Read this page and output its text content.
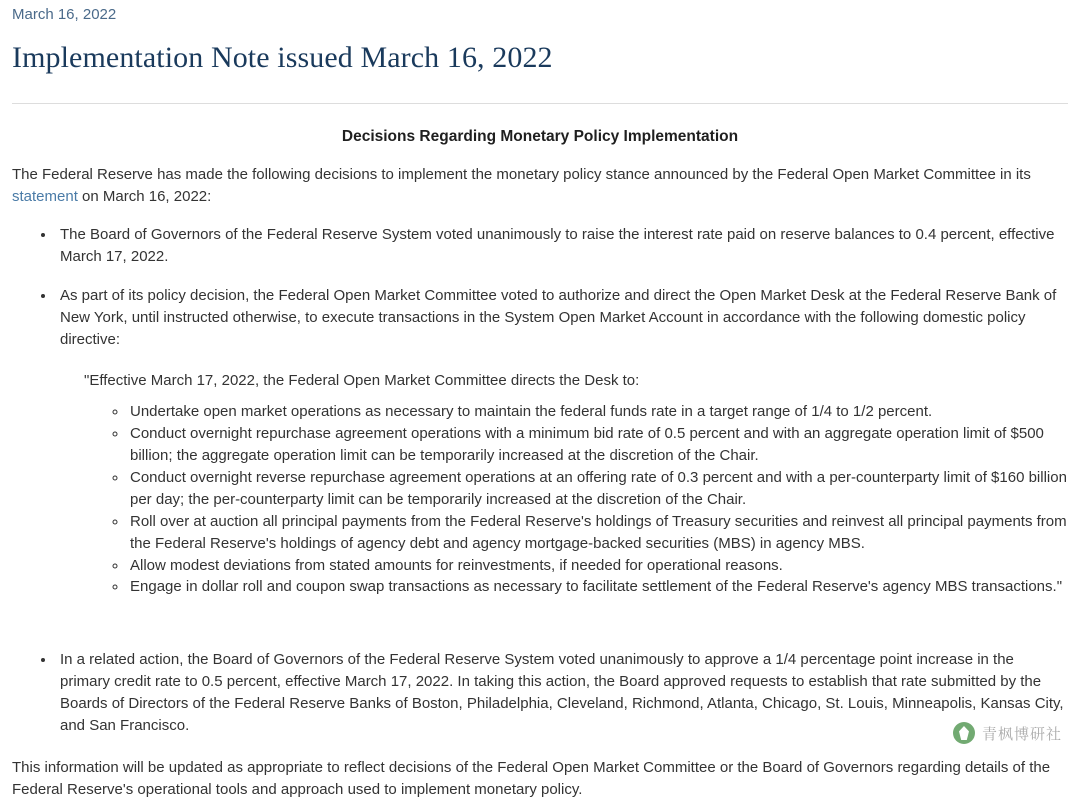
March 16, 2022
Implementation Note issued March 16, 2022
Decisions Regarding Monetary Policy Implementation

The Federal Reserve has made the following decisions to implement the monetary policy stance announced by the Federal Open Market Committee in its statement on March 16, 2022:

• The Board of Governors of the Federal Reserve System voted unanimously to raise the interest rate paid on reserve balances to 0.4 percent, effective March 17, 2022.
• As part of its policy decision, the Federal Open Market Committee voted to authorize and direct the Open Market Desk at the Federal Reserve Bank of New York, until instructed otherwise, to execute transactions in the System Open Market Account in accordance with the following domestic policy directive:
"Effective March 17, 2022, the Federal Open Market Committee directs the Desk to:
◦ Undertake open market operations as necessary to maintain the federal funds rate in a target range of 1/4 to 1/2 percent.
◦ Conduct overnight repurchase agreement operations with a minimum bid rate of 0.5 percent and with an aggregate operation limit of $500 billion; the aggregate operation limit can be temporarily increased at the discretion of the Chair.
◦ Conduct overnight reverse repurchase agreement operations at an offering rate of 0.3 percent and with a per-counterparty limit of $160 billion per day; the per-counterparty limit can be temporarily increased at the discretion of the Chair.
◦ Roll over at auction all principal payments from the Federal Reserve's holdings of Treasury securities and reinvest all principal payments from the Federal Reserve's holdings of agency debt and agency mortgage-backed securities (MBS) in agency MBS.
◦ Allow modest deviations from stated amounts for reinvestments, if needed for operational reasons.
◦ Engage in dollar roll and coupon swap transactions as necessary to facilitate settlement of the Federal Reserve's agency MBS transactions."
• In a related action, the Board of Governors of the Federal Reserve System voted unanimously to approve a 1/4 percentage point increase in the primary credit rate to 0.5 percent, effective March 17, 2022. In taking this action, the Board approved requests to establish that rate submitted by the Boards of Directors of the Federal Reserve Banks of Boston, Philadelphia, Cleveland, Richmond, Atlanta, Chicago, St. Louis, Minneapolis, Kansas City, and San Francisco.

This information will be updated as appropriate to reflect decisions of the Federal Open Market Committee or the Board of Governors regarding details of the Federal Reserve's operational tools and approach used to implement monetary policy.

青枫博研社
